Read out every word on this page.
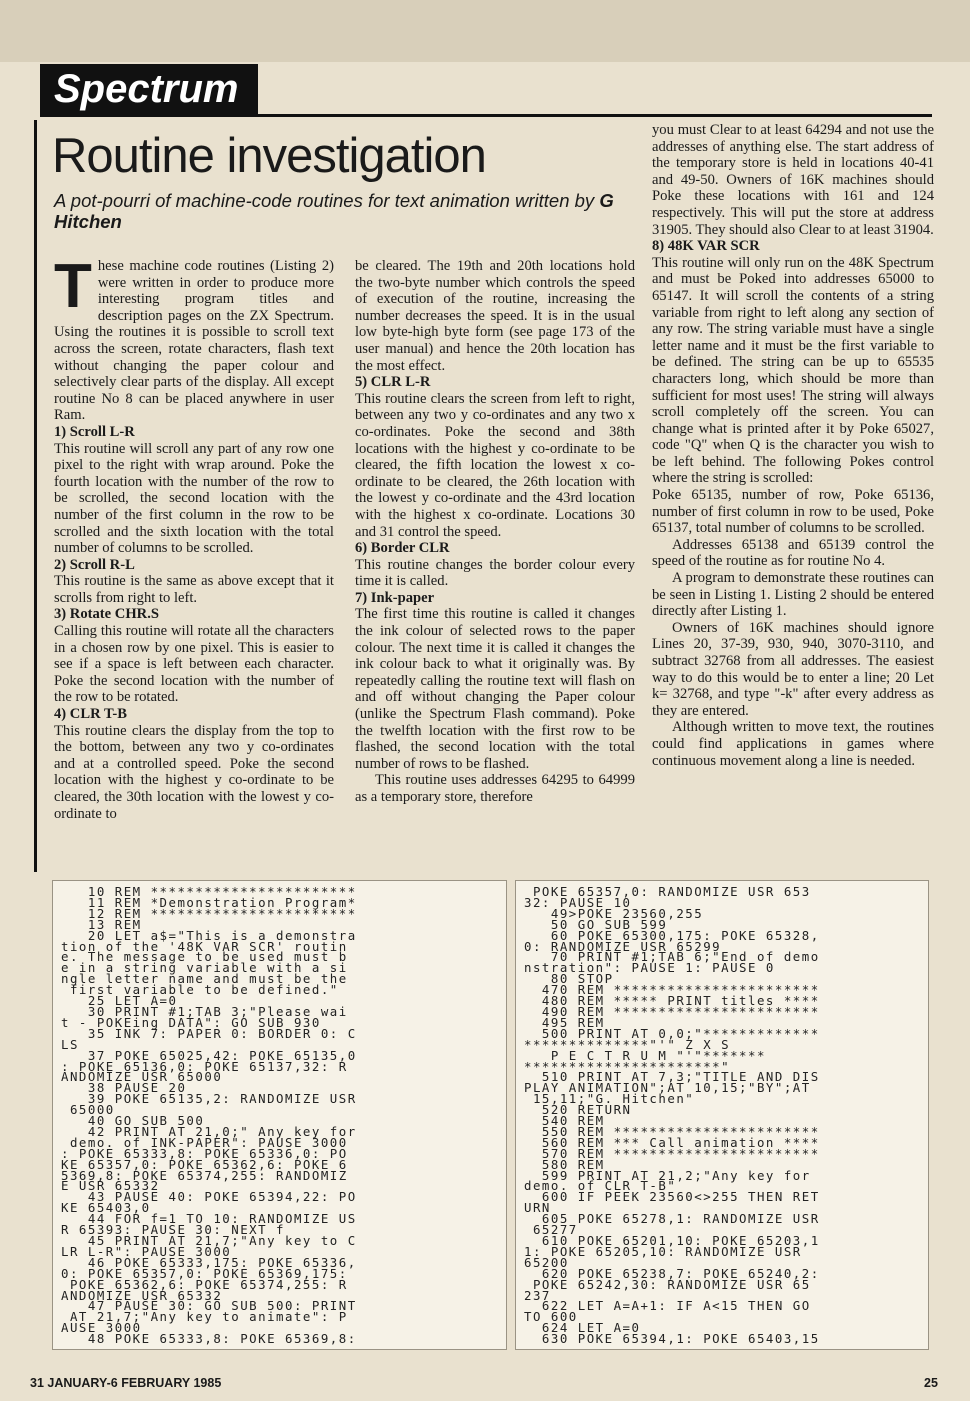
Spectrum
Routine investigation
A pot-pourri of machine-code routines for text animation written by G Hitchen
T hese machine code routines (Listing 2) were written in order to produce more interesting program titles and description pages on the ZX Spectrum. Using the routines it is possible to scroll text across the screen, rotate characters, flash text without changing the paper colour and selectively clear parts of the display. All except routine No 8 can be placed anywhere in user Ram.

1) Scroll L-R

This routine will scroll any part of any row one pixel to the right with wrap around. Poke the fourth location with the number of the row to be scrolled, the second location with the number of the first column in the row to be scrolled and the sixth location with the total number of columns to be scrolled.

2) Scroll R-L

This routine is the same as above except that it scrolls from right to left.

3) Rotate CHR.S

Calling this routine will rotate all the characters in a chosen row by one pixel. This is easier to see if a space is left between each character. Poke the second location with the number of the row to be rotated.

4) CLR T-B

This routine clears the display from the top to the bottom, between any two y co-ordinates and at a controlled speed. Poke the second location with the highest y co-ordinate to be cleared, the 30th location with the lowest y co-ordinate to

be cleared. The 19th and 20th locations hold the two-byte number which controls the speed of execution of the routine, increasing the number decreases the speed. It is in the usual low byte-high byte form (see page 173 of the user manual) and hence the 20th location has the most effect.

5) CLR L-R

This routine clears the screen from left to right, between any two y co-ordinates and any two x co-ordinates. Poke the second and 38th locations with the highest y co-ordinate to be cleared, the fifth location the lowest x co-ordinate to be cleared, the 26th location with the lowest y co-ordinate and the 43rd location with the highest x co-ordinate. Locations 30 and 31 control the speed.

6) Border CLR

This routine changes the border colour every time it is called.

7) Ink-paper

The first time this routine is called it changes the ink colour of selected rows to the paper colour. The next time it is called it changes the ink colour back to what it originally was. By repeatedly calling the routine text will flash on and off without changing the Paper colour (unlike the Spectrum Flash command). Poke the twelfth location with the first row to be flashed, the second location with the total number of rows to be flashed.

This routine uses addresses 64295 to 64999 as a temporary store, therefore

you must Clear to at least 64294 and not use the addresses of anything else. The start address of the temporary store is held in locations 40-41 and 49-50. Owners of 16K machines should Poke these locations with 161 and 124 respectively. This will put the store at address 31905. They should also Clear to at least 31904.

8) 48K VAR SCR

This routine will only run on the 48K Spectrum and must be Poked into addresses 65000 to 65147. It will scroll the contents of a string variable from right to left along any section of any row. The string variable must have a single letter name and it must be the first variable to be defined. The string can be up to 65535 characters long, which should be more than sufficient for most uses! The string will always scroll completely off the screen. You can change what is printed after it by Poke 65027, code "Q" when Q is the character you wish to be left behind. The following Pokes control where the string is scrolled:

Poke 65135, number of row, Poke 65136, number of first column in row to be used, Poke 65137, total number of columns to be scrolled.

Addresses 65138 and 65139 control the speed of the routine as for routine No 4.

A program to demonstrate these routines can be seen in Listing 1. Listing 2 should be entered directly after Listing 1.

Owners of 16K machines should ignore Lines 20, 37-39, 930, 940, 3070-3110, and subtract 32768 from all addresses. The easiest way to do this would be to enter a line; 20 Let k= 32768, and type "-k" after every address as they are entered.

Although written to move text, the routines could find applications in games where continuous movement along a line is needed.

10 REM ***********************
11 REM *Demonstration Program*
12 REM ***********************
13 REM
20 LET a$="This is a demonstra
tion of the '48K VAR SCR' routin
e. The message to be used must b
e in a string variable with a si
ngle letter name and must be the
first variable to be defined."
25 LET A=0
30 PRINT #1;TAB 3;"Please wai
t - POKEing DATA": GO SUB 930
35 INK 7: PAPER 0: BORDER 0: C
LS
37 POKE 65025,42: POKE 65135,0
: POKE 65136,0: POKE 65137,32: R
ANDOMIZE USR 65000
38 PAUSE 20
39 POKE 65135,2: RANDOMIZE USR
65000
40 GO SUB 500
42 PRINT AT 21,0;" Any key for
demo. of INK-PAPER": PAUSE 3000
: POKE 65333,8: POKE 65336,0: PO
KE 65357,0: POKE 65362,6: POKE 6
5369,8: POKE 65374,255: RANDOMIZ
E USR 65332
43 PAUSE 40: POKE 65394,22: PO
KE 65403,0
44 FOR f=1 TO 10: RANDOMIZE US
R 65393: PAUSE 30: NEXT f
45 PRINT AT 21,7;"Any key to C
LR L-R": PAUSE 3000
46 POKE 65333,175: POKE 65336,
0: POKE 65357,0: POKE 65369,175:
POKE 65362,6: POKE 65374,255: R
ANDOMIZE USR 65332
47 PAUSE 30: GO SUB 500: PRINT
AT 21,7;"Any key to animate": P
AUSE 3000
48 POKE 65333,8: POKE 65369,8:
POKE 65357,0: RANDOMIZE USR 653
32: PAUSE 10
49>POKE 23560,255
50 GO SUB 599
60 POKE 65300,175: POKE 65328,
0: RANDOMIZE USR 65299
70 PRINT #1;TAB 6;"End of demo
nstration": PAUSE 1: PAUSE 0
80 STOP
470 REM ***********************
480 REM ***** PRINT titles ****
490 REM ***********************
495 REM
500 PRINT AT 0,0;"*************
**************"'" Z X S
P E C T R U M "'"*******
**********************"
510 PRINT AT 7,3;"TITLE AND DIS
PLAY ANIMATION";AT 10,15;"BY";AT
15,11;"G. Hitchen"
520 RETURN
540 REM
550 REM ***********************
560 REM *** Call animation ****
570 REM ***********************
580 REM
599 PRINT AT 21,2;"Any key for
demo. of CLR T-B"
600 IF PEEK 23560<>255 THEN RET
URN
605 POKE 65278,1: RANDOMIZE USR
65277
610 POKE 65201,10: POKE 65203,1
1: POKE 65205,10: RANDOMIZE USR
65200
620 POKE 65238,7: POKE 65240,2:
POKE 65242,30: RANDOMIZE USR 65
237
622 LET A=A+1: IF A<15 THEN GO
TO 600
624 LET A=0
630 POKE 65394,1: POKE 65403,15
31 JANUARY-6 FEBRUARY 1985	25
